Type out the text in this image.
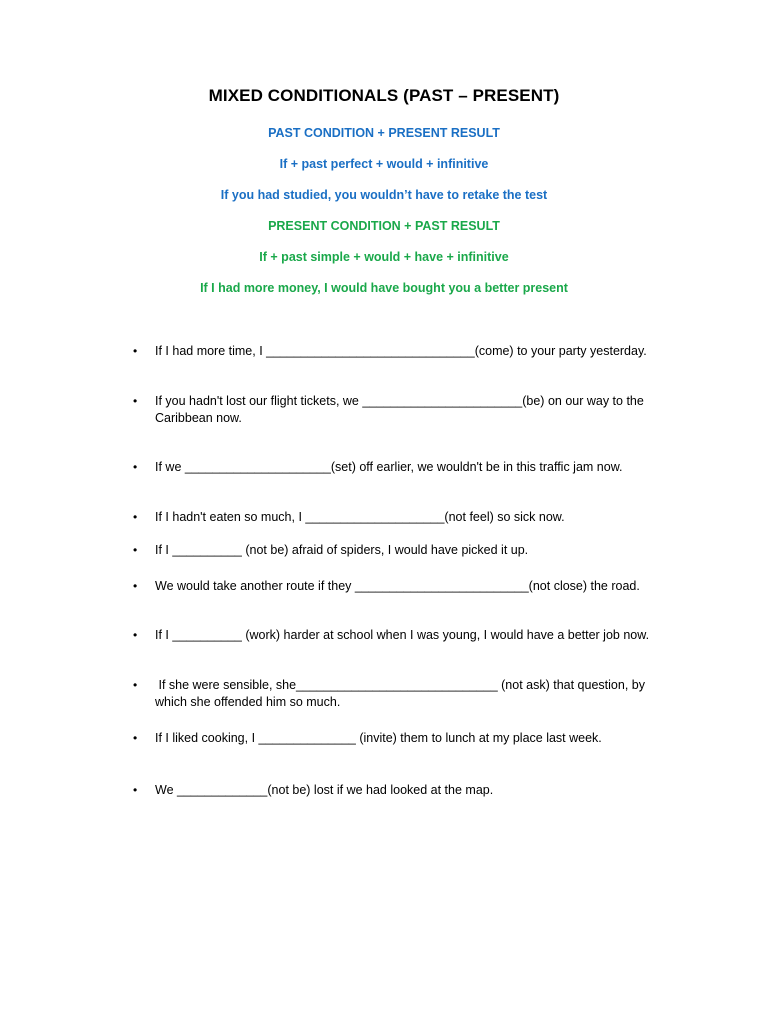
MIXED CONDITIONALS (PAST – PRESENT)
PAST CONDITION + PRESENT RESULT
If + past perfect + would + infinitive
If you had studied, you wouldn’t have to retake the test
PRESENT CONDITION + PAST RESULT
If + past simple + would + have + infinitive
If I had more money, I would have bought you a better present
• If I had more time, I ______________________________(come) to your party yesterday.
• If you hadn't lost our flight tickets, we _______________________(be) on our way to the Caribbean now.
• If we _____________________(set) off earlier, we wouldn't be in this traffic jam now.
• If I hadn't eaten so much, I ____________________(not feel) so sick now.
• If I __________ (not be) afraid of spiders, I would have picked it up.
• We would take another route if they _________________________(not close) the road.
• If I __________ (work) harder at school when I was young, I would have a better job now.
• If she were sensible, she_____________________________ (not ask) that question, by which she offended him so much.
• If I liked cooking, I ______________ (invite) them to lunch at my place last week.
• We _____________(not be) lost if we had looked at the map.
